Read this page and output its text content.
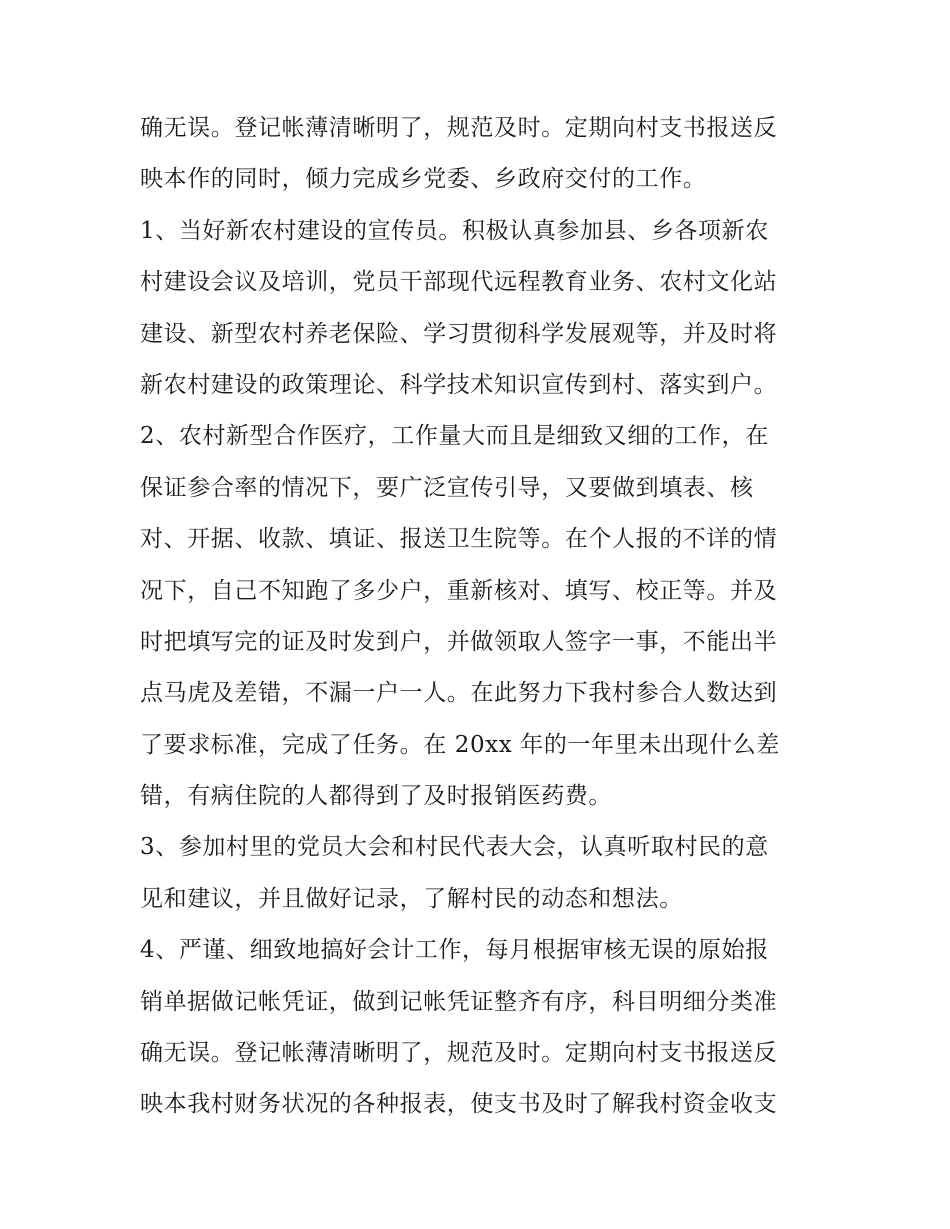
确无误。登记帐薄清晰明了，规范及时。定期向村支书报送反
映本作的同时，倾力完成乡党委、乡政府交付的工作。
1、当好新农村建设的宣传员。积极认真参加县、乡各项新农
村建设会议及培训，党员干部现代远程教育业务、农村文化站
建设、新型农村养老保险、学习贯彻科学发展观等，并及时将
新农村建设的政策理论、科学技术知识宣传到村、落实到户。
2、农村新型合作医疗，工作量大而且是细致又细的工作，在
保证参合率的情况下，要广泛宣传引导，又要做到填表、核
对、开据、收款、填证、报送卫生院等。在个人报的不详的情
况下，自己不知跑了多少户，重新核对、填写、校正等。并及
时把填写完的证及时发到户，并做领取人签字一事，不能出半
点马虎及差错，不漏一户一人。在此努力下我村参合人数达到
了要求标准，完成了任务。在 20xx 年的一年里未出现什么差
错，有病住院的人都得到了及时报销医药费。
3、参加村里的党员大会和村民代表大会，认真听取村民的意
见和建议，并且做好记录，了解村民的动态和想法。
4、严谨、细致地搞好会计工作，每月根据审核无误的原始报
销单据做记帐凭证，做到记帐凭证整齐有序，科目明细分类准
确无误。登记帐薄清晰明了，规范及时。定期向村支书报送反
映本我村财务状况的各种报表，使支书及时了解我村资金收支
